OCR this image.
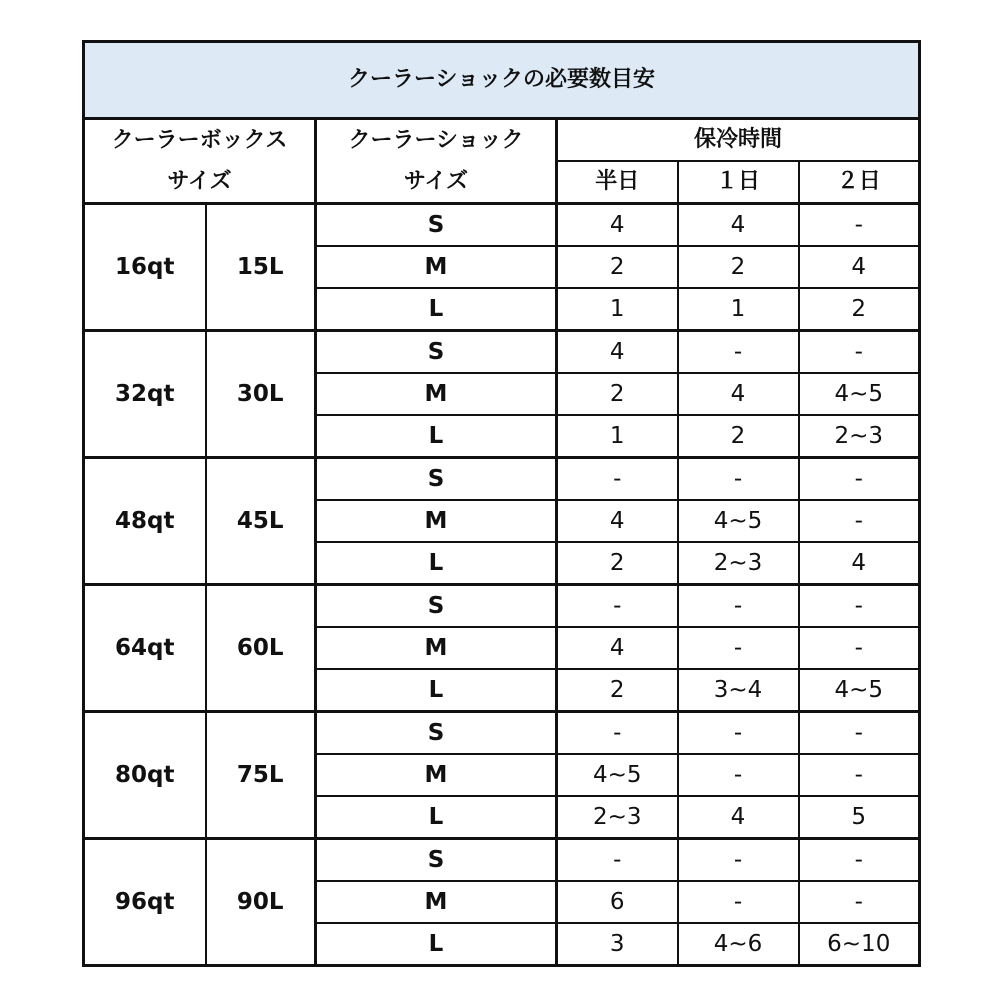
クーラーショックの必要数目安					
クーラーボックス		クーラーショック	保冷時間		
サイズ		サイズ	半日	１日	２日
16qt	15L	S	4	4	-
		M	2	2	4
		L	1	1	2
32qt	30L	S	4	-	-
		M	2	4	4~5
		L	1	2	2~3
48qt	45L	S	-	-	-
		M	4	4~5	-
		L	2	2~3	4
64qt	60L	S	-	-	-
		M	4	-	-
		L	2	3~4	4~5
80qt	75L	S	-	-	-
		M	4~5	-	-
		L	2~3	4	5
96qt	90L	S	-	-	-
		M	6	-	-
		L	3	4~6	6~10
